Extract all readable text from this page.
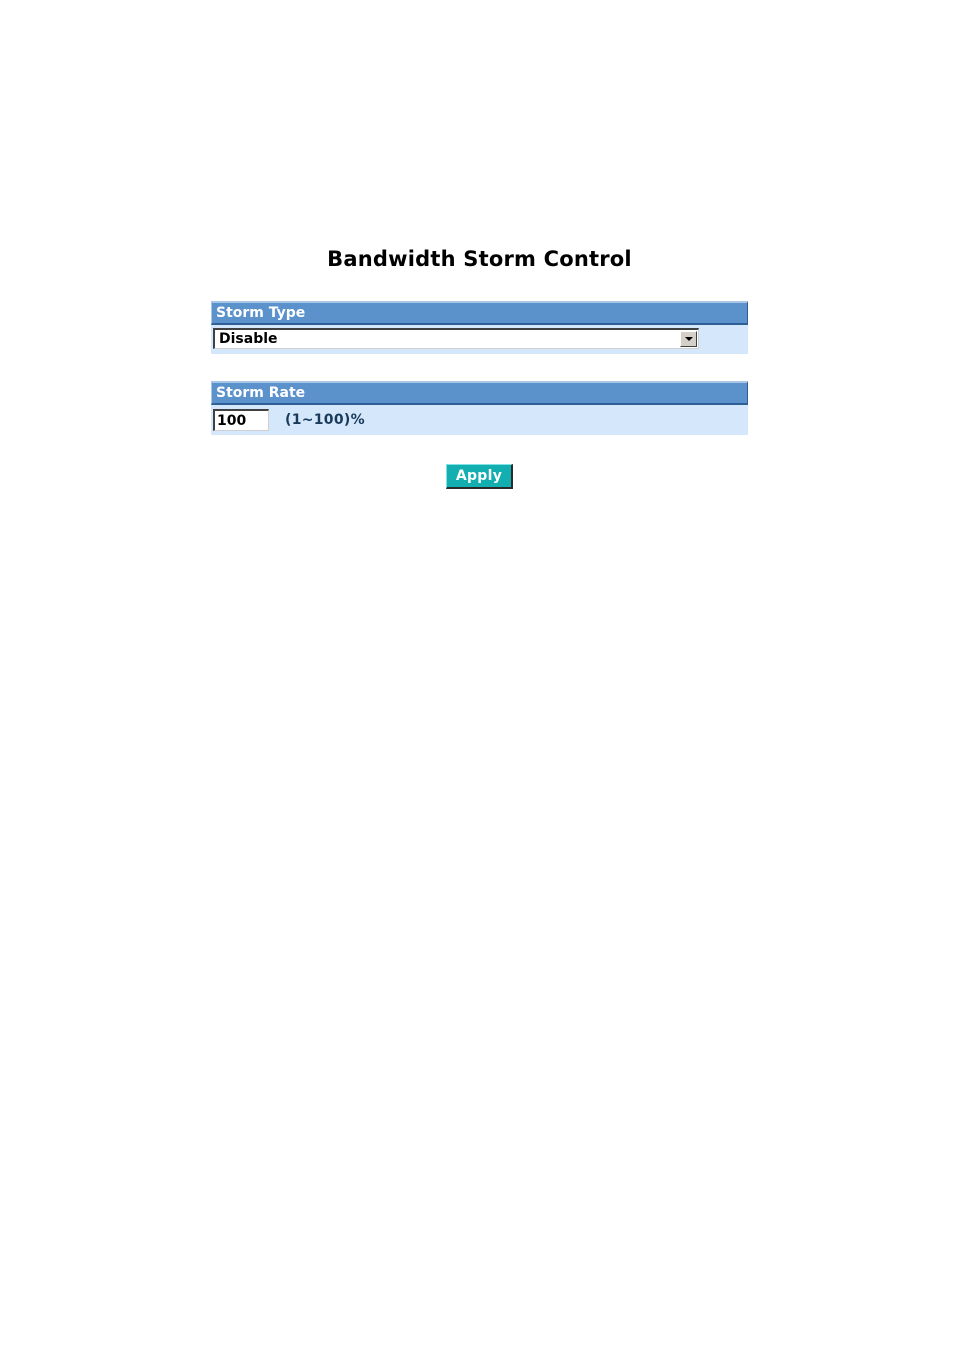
Bandwidth Storm Control
Storm Type
Disable
Storm Rate
100
(1~100)%
Apply
